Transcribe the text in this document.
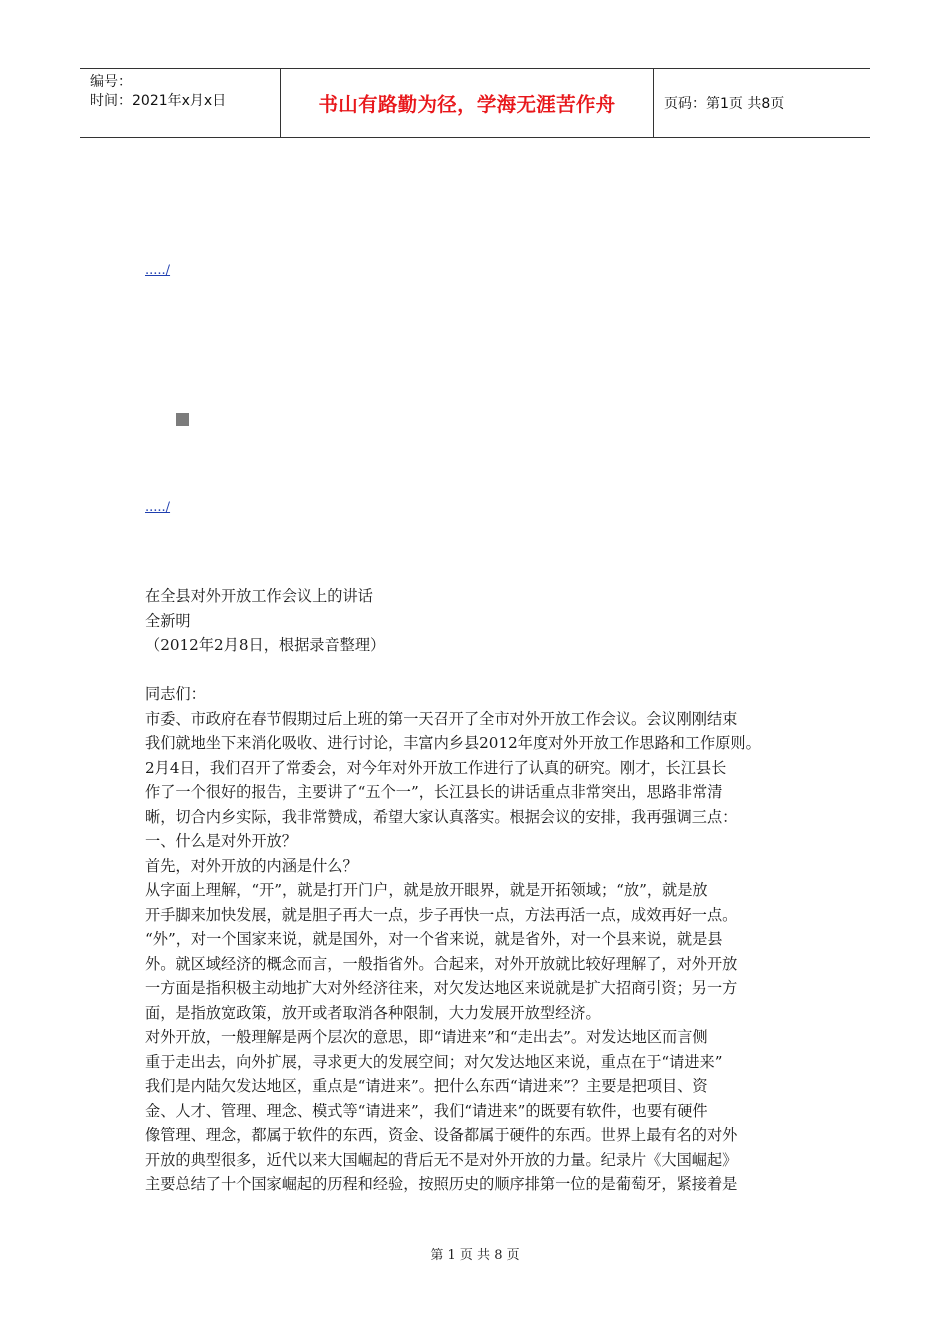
编号：
时间：2021年x月x日	书山有路勤为径，学海无涯苦作舟	页码：第1页 共8页
...../
...../

在全县对外开放工作会议上的讲话

全新明

（2012年2月8日，根据录音整理）

同志们：

市委、市政府在春节假期过后上班的第一天召开了全市对外开放工作会议。会议刚刚结束

我们就地坐下来消化吸收、进行讨论，丰富内乡县2012年度对外开放工作思路和工作原则。

2月4日，我们召开了常委会，对今年对外开放工作进行了认真的研究。刚才，长江县长

作了一个很好的报告，主要讲了“五个一”，长江县长的讲话重点非常突出，思路非常清

晰，切合内乡实际，我非常赞成，希望大家认真落实。根据会议的安排，我再强调三点：

一、什么是对外开放？

首先，对外开放的内涵是什么？

从字面上理解，“开”，就是打开门户，就是放开眼界，就是开拓领域；“放”，就是放

开手脚来加快发展，就是胆子再大一点，步子再快一点，方法再活一点，成效再好一点。

“外”，对一个国家来说，就是国外，对一个省来说，就是省外，对一个县来说，就是县

外。就区域经济的概念而言，一般指省外。合起来，对外开放就比较好理解了，对外开放

一方面是指积极主动地扩大对外经济往来，对欠发达地区来说就是扩大招商引资；另一方

面，是指放宽政策，放开或者取消各种限制，大力发展开放型经济。

对外开放，一般理解是两个层次的意思，即“请进来”和“走出去”。对发达地区而言侧

重于走出去，向外扩展，寻求更大的发展空间；对欠发达地区来说，重点在于“请进来”

我们是内陆欠发达地区，重点是“请进来”。把什么东西“请进来”？主要是把项目、资

金、人才、管理、理念、模式等“请进来”，我们“请进来”的既要有软件，也要有硬件

像管理、理念，都属于软件的东西，资金、设备都属于硬件的东西。世界上最有名的对外

开放的典型很多，近代以来大国崛起的背后无不是对外开放的力量。纪录片《大国崛起》

主要总结了十个国家崛起的历程和经验，按照历史的顺序排第一位的是葡萄牙，紧接着是

第 1 页 共 8 页
